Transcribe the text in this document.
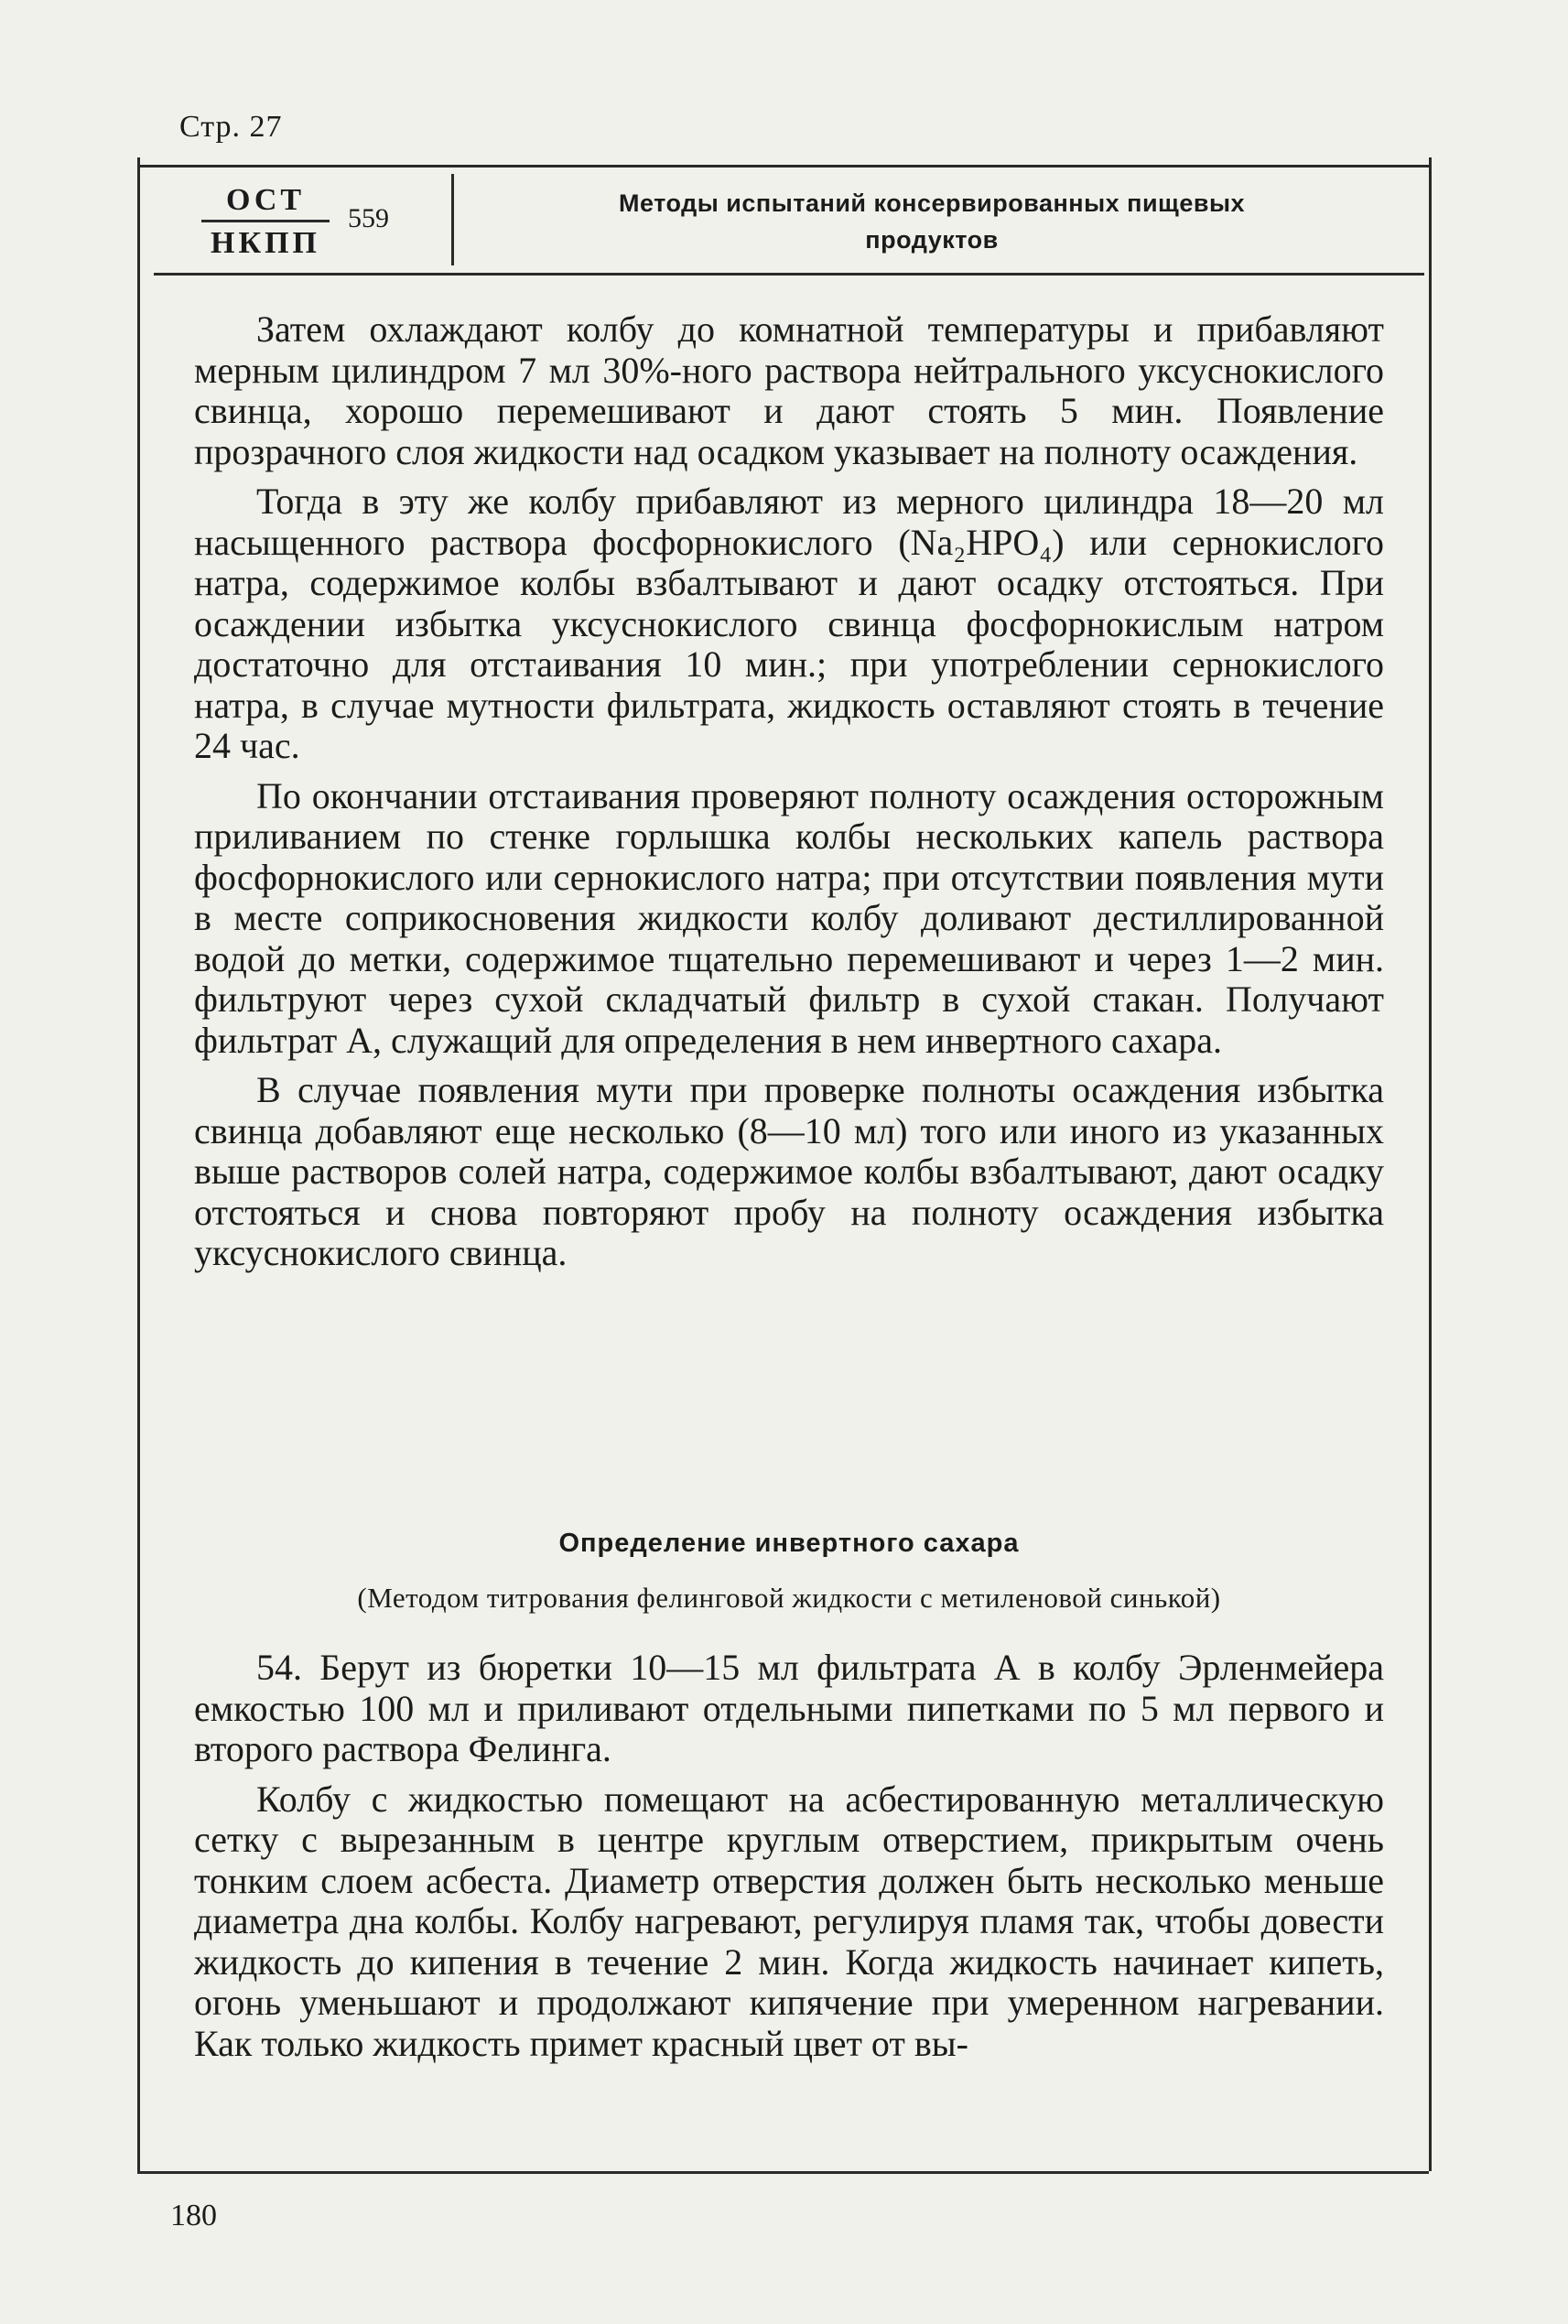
Стр. 27
ОСТ
НКПП
559	Методы испытаний консервированных пищевых
продуктов

Затем охлаждают колбу до комнатной температуры и прибавляют мерным цилиндром 7 мл 30%-ного раствора нейтрального уксуснокислого свинца, хорошо перемешивают и дают стоять 5 мин. Появление прозрачного слоя жидкости над осадком указывает на полноту осаждения.

Тогда в эту же колбу прибавляют из мерного цилиндра 18—20 мл насыщенного раствора фосфорнокислого (Na₂HPO₄) или сернокислого натра, содержимое колбы взбалтывают и дают осадку отстояться. При осаждении избытка уксуснокислого свинца фосфорнокислым натром достаточно для отстаивания 10 мин.; при употреблении сернокислого натра, в случае мутности фильтрата, жидкость оставляют стоять в течение 24 час.

По окончании отстаивания проверяют полноту осаждения осторожным приливанием по стенке горлышка колбы нескольких капель раствора фосфорнокислого или сернокислого натра; при отсутствии появления мути в месте соприкосновения жидкости колбу доливают дестиллированной водой до метки, содержимое тщательно перемешивают и через 1—2 мин. фильтруют через сухой складчатый фильтр в сухой стакан. Получают фильтрат А, служащий для определения в нем инвертного сахара.

В случае появления мути при проверке полноты осаждения избытка свинца добавляют еще несколько (8—10 мл) того или иного из указанных выше растворов солей натра, содержимое колбы взбалтывают, дают осадку отстояться и снова повторяют пробу на полноту осаждения избытка уксуснокислого свинца.

Определение инвертного сахара
(Методом титрования фелинговой жидкости с метиленовой синькой)

54. Берут из бюретки 10—15 мл фильтрата А в колбу Эрленмейера емкостью 100 мл и приливают отдельными пипетками по 5 мл первого и второго раствора Фелинга.

Колбу с жидкостью помещают на асбестированную металлическую сетку с вырезанным в центре круглым отверстием, прикрытым очень тонким слоем асбеста. Диаметр отверстия должен быть несколько меньше диаметра дна колбы. Колбу нагревают, регулируя пламя так, чтобы довести жидкость до кипения в течение 2 мин. Когда жидкость начинает кипеть, огонь уменьшают и продолжают кипячение при умеренном нагревании. Как только жидкость примет красный цвет от вы-

180
